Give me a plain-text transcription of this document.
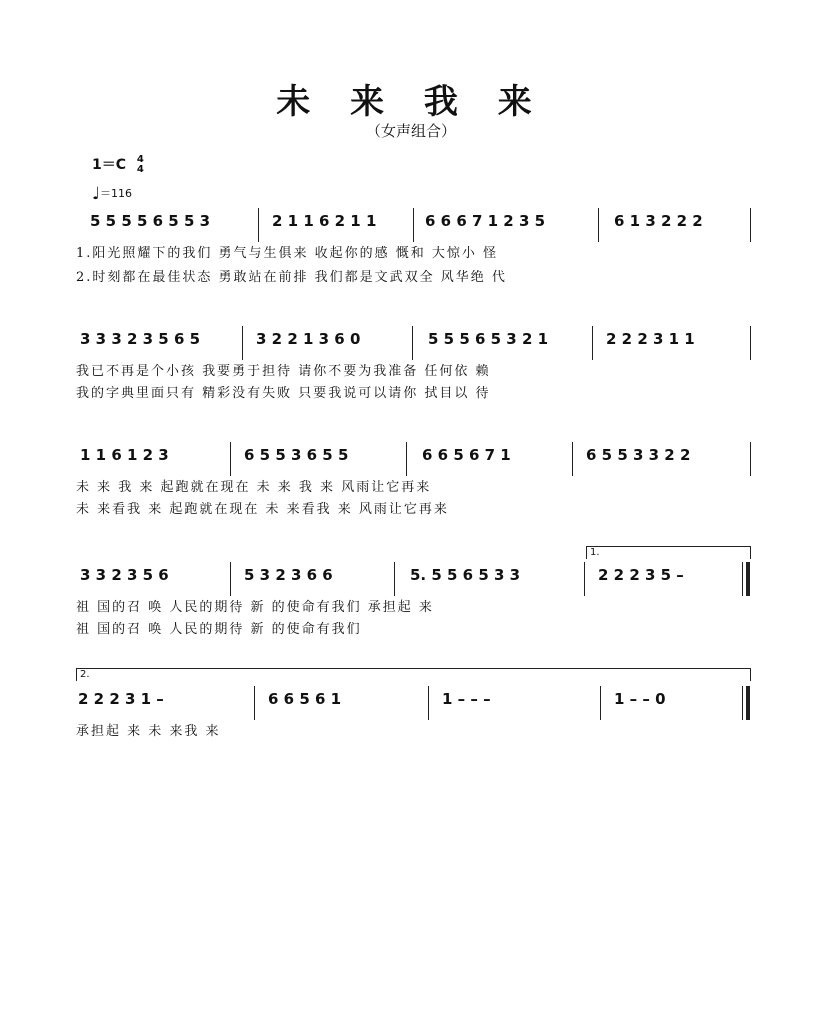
未 来 我 来
（女声组合）
1＝C 4
4
♩＝116
5 5 5 5 6 5 5 3	2 1 1 6 2 1 1	6 6 6 7 1 2 3 5	6 1 3 2 2 2
1.阳光照耀下的我们 勇气与生俱来 收起你的感 慨和 大惊小 怪
2.时刻都在最佳状态 勇敢站在前排 我们都是文武双全 风华绝 代
3 3 3 2 3 5 6 5	3 2 2 1 3 6 0	5 5 5 6 5 3 2 1	2 2 2 3 1 1
我已不再是个小孩 我要勇于担待 请你不要为我准备 任何依 赖
我的字典里面只有 精彩没有失败 只要我说可以请你 拭目以 待
1 1 6 1 2 3	6 5 5 3 6 5 5	6 6 5 6 7 1	6 5 5 3 3 2 2
未 来 我 来 起跑就在现在 未 来 我 来 风雨让它再来
未 来看我 来 起跑就在现在 未 来看我 来 风雨让它再来
1.
3 3 2 3 5 6	5 3 2 3 6 6	5. 5 5 6 5 3 3	2 2 2 3 5 –
祖 国的召 唤 人民的期待 新 的使命有我们 承担起 来
祖 国的召 唤 人民的期待 新 的使命有我们
2.
2 2 2 3 1 –	6 6 5 6 1	1 – – –	1 – – 0
承担起 来 未 来我 来
